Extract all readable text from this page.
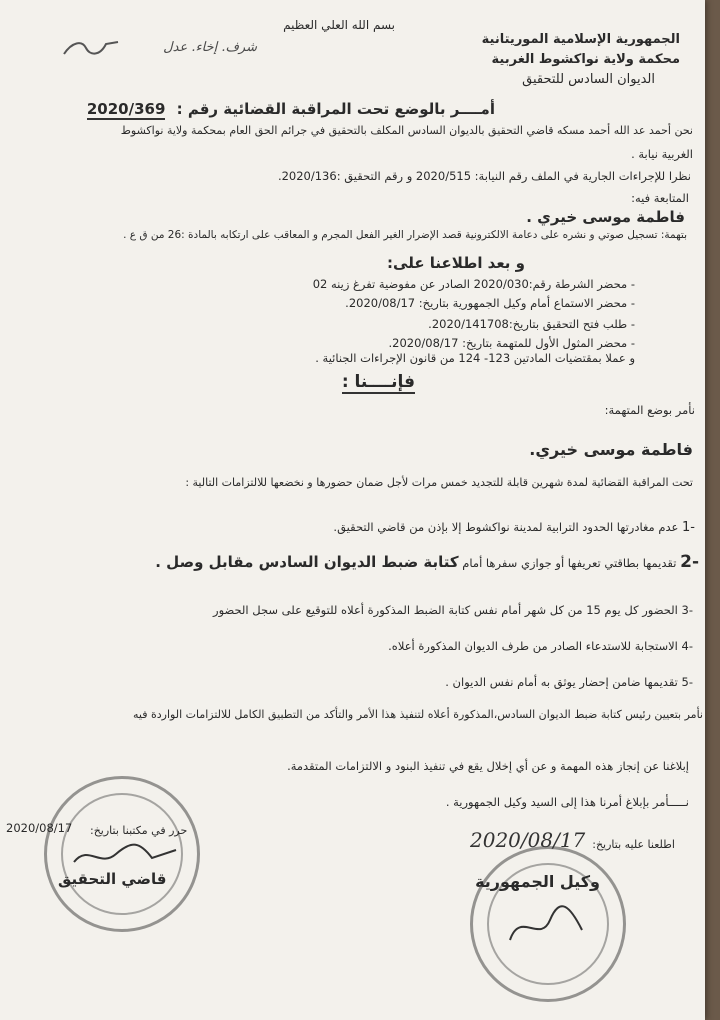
بسم الله العلي العظيم
شرف. إخاء. عدل
الجمهورية الإسلامية الموريتانية
محكمة ولاية نواكشوط الغربية
الديوان السادس للتحقيق
أمــــر بالوضع تحت المراقبة القضائية رقم : 2020/369
نحن أحمد عد الله أحمد مسكه قاضي التحقيق بالديوان السادس المكلف بالتحقيق في جرائم الحق العام بمحكمة ولاية نواكشوط
الغربية نيابة .
نظرا للإجراءات الجارية في الملف رقم النيابة: 2020/515 و رقم التحقيق :2020/136.
المتابعة فيه:
فاطمة موسى خيري .
بتهمة: تسجيل صوتي و نشره على دعامة الالكترونية قصد الإضرار الغير الفعل المجرم و المعاقب على ارتكابه بالمادة :26 من ق ع .
و بعد اطلاعنا على:
- محضر الشرطة رقم:2020/030 الصادر عن مفوضية تفرغ زينه 02
- محضر الاستماع أمام وكيل الجمهورية بتاريخ: 2020/08/17.
- طلب فتح التحقيق بتاريخ:2020/141708.
- محضر المثول الأول للمتهمة بتاريخ: 2020/08/17.
و عملا بمقتضيات المادتين 123- 124 من قانون الإجراءات الجنائية .
فإنــــنا :
نأمر بوضع المتهمة:
فاطمة موسى خيري.
تحت المراقبة القضائية لمدة شهرين قابلة للتجديد خمس مرات لأجل ضمان حضورها و نخضعها للالتزامات التالية :
-1 عدم مغادرتها الحدود الترابية لمدينة نواكشوط إلا بإذن من قاضي التحقيق.
-2 تقديمها بطاقتي تعريفها أو جوازي سفرها أمام كتابة ضبط الديوان السادس مقابل وصل .
-3 الحضور كل يوم 15 من كل شهر أمام نفس كتابة الضبط المذكورة أعلاه للتوقيع على سجل الحضور
-4 الاستجابة للاستدعاء الصادر من طرف الديوان المذكورة أعلاه.
-5 تقديمها ضامن إحضار يوثق به أمام نفس الديوان .
نأمر بتعيين رئيس كتابة ضبط الديوان السادس،المذكورة أعلاه لتنفيذ هذا الأمر والتأكد من التطبيق الكامل للالتزامات الواردة فيه
إبلاغنا عن إنجاز هذه المهمة و عن أي إخلال يقع في تنفيذ البنود و الالتزامات المتقدمة.
نـــــأمر بإبلاغ أمرنا هذا إلى السيد وكيل الجمهورية .
حرر في مكتبنا بتاريخ:
2020/08/17
قاضي التحقيق
اطلعنا عليه بتاريخ:
2020/08/17
وكيل الجمهورية
